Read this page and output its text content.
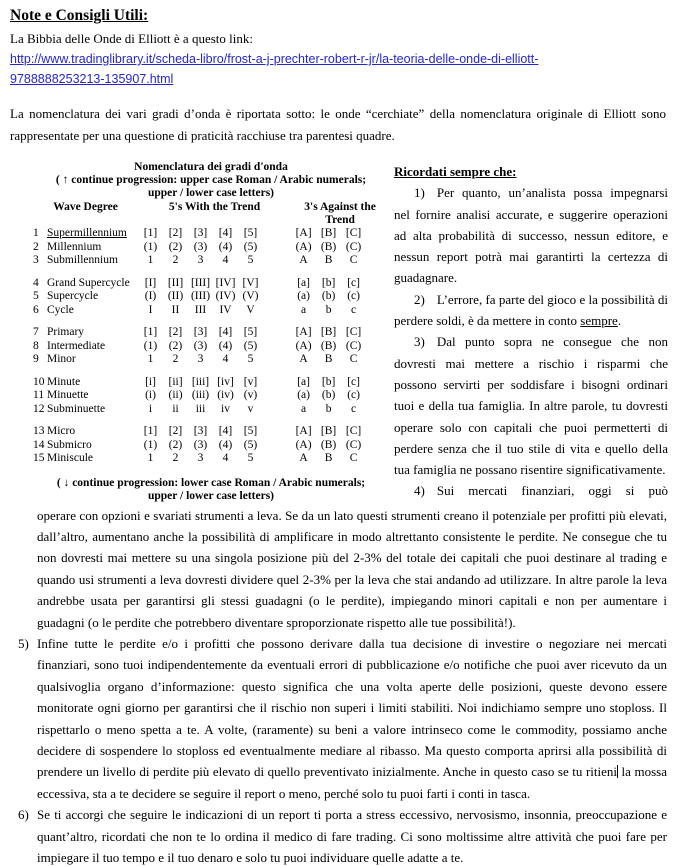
Note e Consigli Utili:

La Bibbia delle Onde di Elliott è a questo link:

http://www.tradinglibrary.it/scheda-libro/frost-a-j-prechter-robert-r-jr/la-teoria-delle-onde-di-elliott-
9788888253213-135907.html

La nomenclatura dei vari gradi d’onda è riportata sotto: le onde “cerchiate” della nomenclatura originale di Elliott sono rappresentate per una questione di praticità racchiuse tra parentesi quadre.

Nomenclatura dei gradi d'onda
( ↑ continue progression: upper case Roman / Arabic numerals;
upper / lower case letters)
Wave Degree		5's With the Trend						3's Against the Trend			
1	Supermillennium	[1]	[2]	[3]	[4]	[5]		[A]	[B]	[C]	
2	Millennium	(1)	(2)	(3)	(4)	(5)		(A)	(B)	(C)	
3	Submillennium	1	2	3	4	5		A	B	C	
4	Grand Supercycle	[I]	[II]	[III]	[IV]	[V]		[a]	[b]	[c]	
5	Supercycle	(I)	(II)	(III)	(IV)	(V)		(a)	(b)	(c)	
6	Cycle	I	II	III	IV	V		a	b	c	
7	Primary	[1]	[2]	[3]	[4]	[5]		[A]	[B]	[C]	
8	Intermediate	(1)	(2)	(3)	(4)	(5)		(A)	(B)	(C)	
9	Minor	1	2	3	4	5		A	B	C	
10	Minute	[i]	[ii]	[iii]	[iv]	[v]		[a]	[b]	[c]	
11	Minuette	(i)	(ii)	(iii)	(iv)	(v)		(a)	(b)	(c)	
12	Subminuette	i	ii	iii	iv	v		a	b	c	
13	Micro	[1]	[2]	[3]	[4]	[5]		[A]	[B]	[C]	
14	Submicro	(1)	(2)	(3)	(4)	(5)		(A)	(B)	(C)	
15	Miniscule	1	2	3	4	5		A	B	C	
( ↓ continue progression: lower case Roman / Arabic numerals;
upper / lower case letters)

Ricordati sempre che:

1) Per quanto, un’analista possa impegnarsi nel fornire analisi accurate, e suggerire operazioni ad alta probabilità di successo, nessun editore, e nessun report potrà mai garantirti la certezza di guadagnare.

2) L’errore, fa parte del gioco e la possibilità di perdere soldi, è da mettere in conto sempre.

3) Dal punto sopra ne consegue che non dovresti mai mettere a rischio i risparmi che possono servirti per soddisfare i bisogni ordinari tuoi e della tua famiglia. In altre parole, tu dovresti operare solo con capitali che puoi permetterti di perdere senza che il tuo stile di vita e quello della tua famiglia ne possano risentire significativamente.

4) Sui mercati finanziari, oggi si può

operare con opzioni e svariati strumenti a leva. Se da un lato questi strumenti creano il potenziale per profitti più elevati, dall’altro, aumentano anche la possibilità di amplificare in modo altrettanto consistente le perdite. Ne consegue che tu non dovresti mai mettere su una singola posizione più del 2-3% del totale dei capitali che puoi destinare al trading e quando usi strumenti a leva dovresti dividere quel 2-3% per la leva che stai andando ad utilizzare. In altre parole la leva andrebbe usata per garantirsi gli stessi guadagni (o le perdite), impiegando minori capitali e non per aumentare i guadagni (o le perdite che potrebbero diventare sproporzionate rispetto alle tue possibilità!).

5) Infine tutte le perdite e/o i profitti che possono derivare dalla tua decisione di investire o negoziare nei mercati finanziari, sono tuoi indipendentemente da eventuali errori di pubblicazione e/o notifiche che puoi aver ricevuto da un qualsivoglia organo d’informazione: questo significa che una volta aperte delle posizioni, queste devono essere monitorate ogni giorno per garantirsi che il rischio non superi i limiti stabiliti. Noi indichiamo sempre uno stoploss. Il rispettarlo o meno spetta a te. A volte, (raramente) su beni a valore intrinseco come le commodity, possiamo anche decidere di sospendere lo stoploss ed eventualmente mediare al ribasso. Ma questo comporta aprirsi alla possibilità di prendere un livello di perdite più elevato di quello preventivato inizialmente. Anche in questo caso se tu ritieni la mossa eccessiva, sta a te decidere se seguire il report o meno, perché solo tu puoi farti i conti in tasca.
6) Se ti accorgi che seguire le indicazioni di un report ti porta a stress eccessivo, nervosismo, insonnia, preoccupazione e quant’altro, ricordati che non te lo ordina il medico di fare trading. Ci sono moltissime altre attività che puoi fare per impiegare il tuo tempo e il tuo denaro e solo tu puoi individuare quelle adatte a te.
